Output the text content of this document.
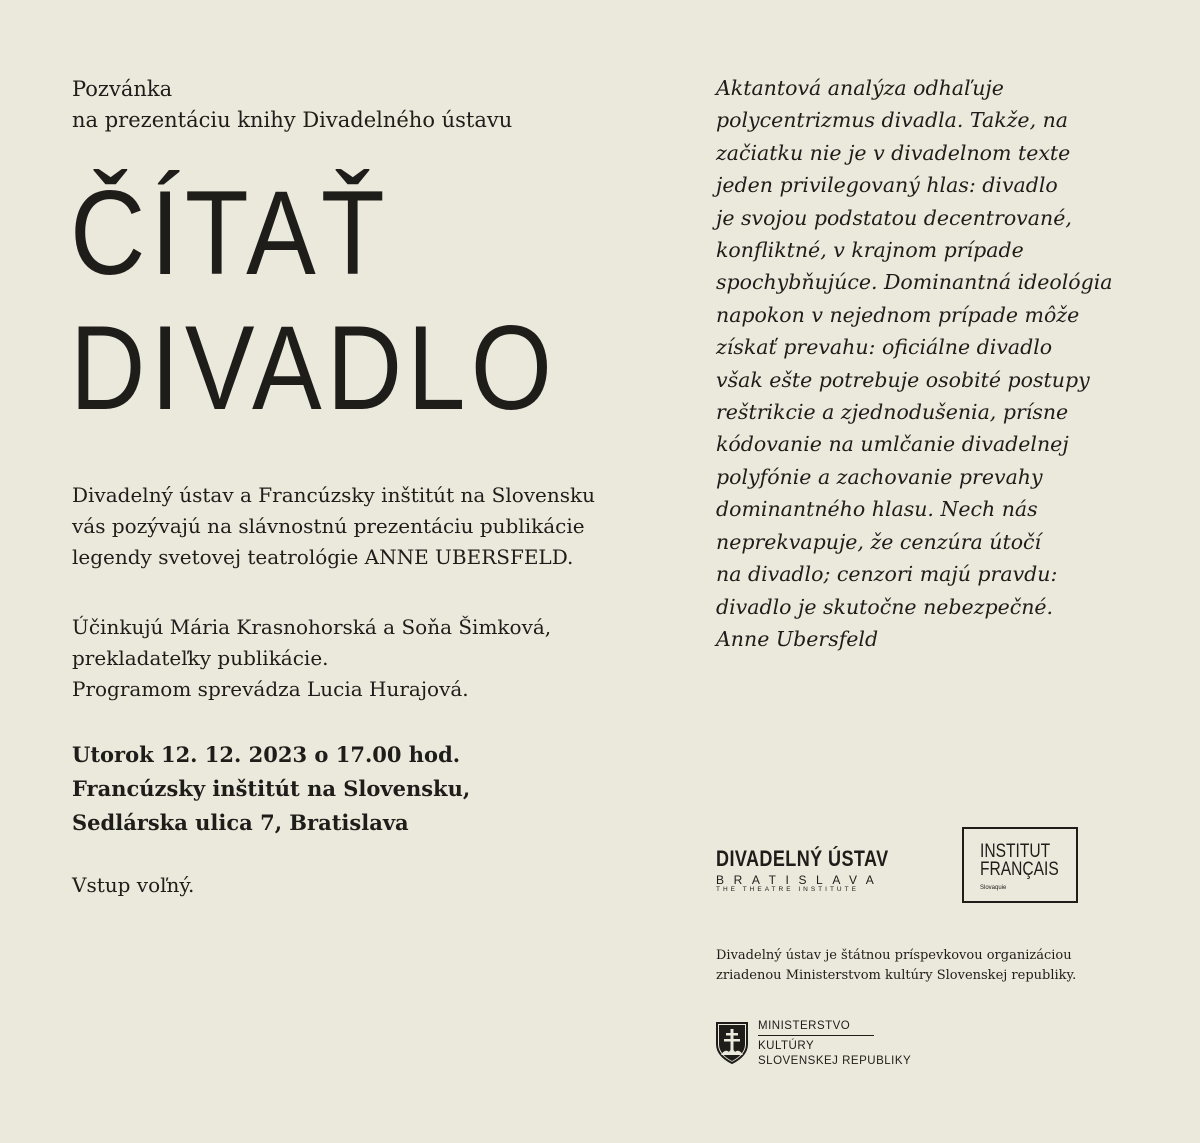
Pozvánka
na prezentáciu knihy Divadelného ústavu
ČÍTAŤ
DIVADLO
Divadelný ústav a Francúzsky inštitút na Slovensku
vás pozývajú na slávnostnú prezentáciu publikácie
legendy svetovej teatrológie ANNE UBERSFELD.
Účinkujú Mária Krasnohorská a Soňa Šimková,
prekladateľky publikácie.
Programom sprevádza Lucia Hurajová.
Utorok 12. 12. 2023 o 17.00 hod.
Francúzsky inštitút na Slovensku,
Sedlárska ulica 7, Bratislava
Vstup voľný.
Aktantová analýza odhaľuje
polycentrizmus divadla. Takže, na
začiatku nie je v divadelnom texte
jeden privilegovaný hlas: divadlo
je svojou podstatou decentrované,
konfliktné, v krajnom prípade
spochybňujúce. Dominantná ideológia
napokon v nejednom prípade môže
získať prevahu: oficiálne divadlo
však ešte potrebuje osobité postupy
reštrikcie a zjednodušenia, prísne
kódovanie na umlčanie divadelnej
polyfónie a zachovanie prevahy
dominantného hlasu. Nech nás
neprekvapuje, že cenzúra útočí
na divadlo; cenzori majú pravdu:
divadlo je skutočne nebezpečné.
Anne Ubersfeld
DIVADELNÝ ÚSTAV
BRATISLAVA
THE THEATRE INSTITUTE
INSTITUT
FRANÇAIS
Slovaquie
Divadelný ústav je štátnou príspevkovou organizáciou
zriadenou Ministerstvom kultúry Slovenskej republiky.
MINISTERSTVO
KULTÚRY
SLOVENSKEJ REPUBLIKY
